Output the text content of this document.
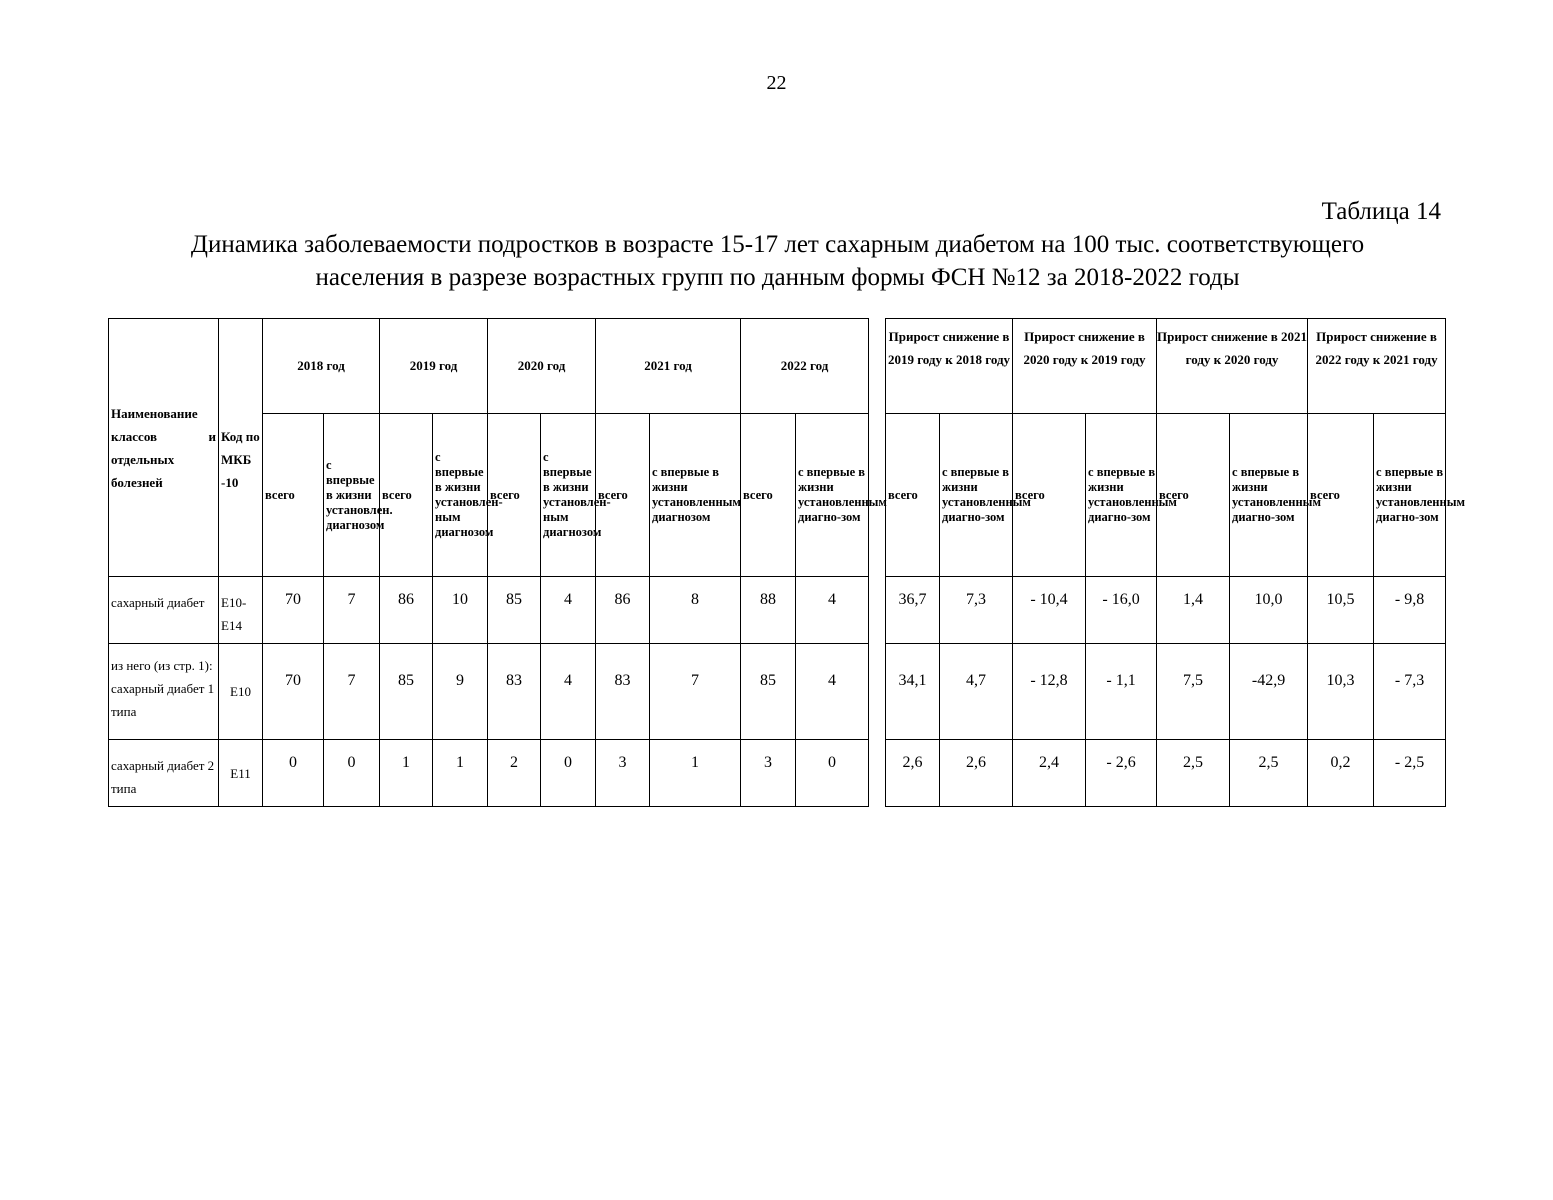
22
Таблица 14
Динамика заболеваемости подростков в возрасте 15-17 лет сахарным диабетом на 100 тыс. соответствующего
населения в разрезе возрастных групп по данным формы ФСН №12 за 2018-2022 годы
Наименование классов и отдельных болезней	Код по МКБ -10	2018 год		2019 год		2020 год		2021 год		2022 год	
		всего	с впервые в жизни установлен. диагнозом	всего	с впервые в жизни установлен-ным диагнозом	всего	с впервые в жизни установлен-ным диагнозом	всего	с впервые в жизни установленным диагнозом	всего	с впервые в жизни установленным диагно-зом
сахарный диабет	E10-E14	70	7	86	10	85	4	86	8	88	4
из него (из стр. 1): сахарный диабет 1 типа	E10	70	7	85	9	83	4	83	7	85	4
сахарный диабет 2 типа	E11	0	0	1	1	2	0	3	1	3	0
Прирост снижение в 2019 году к 2018 году		Прирост снижение в 2020 году к 2019 году		Прирост снижение в 2021 году к 2020 году		Прирост снижение в 2022 году к 2021 году	
всего	с впервые в жизни установленным диагно-зом	всего	с впервые в жизни установленным диагно-зом	всего	с впервые в жизни установленным диагно-зом	всего	с впервые в жизни установленным диагно-зом
36,7	7,3	- 10,4	- 16,0	1,4	10,0	10,5	- 9,8
34,1	4,7	- 12,8	- 1,1	7,5	-42,9	10,3	- 7,3
2,6	2,6	2,4	- 2,6	2,5	2,5	0,2	- 2,5
